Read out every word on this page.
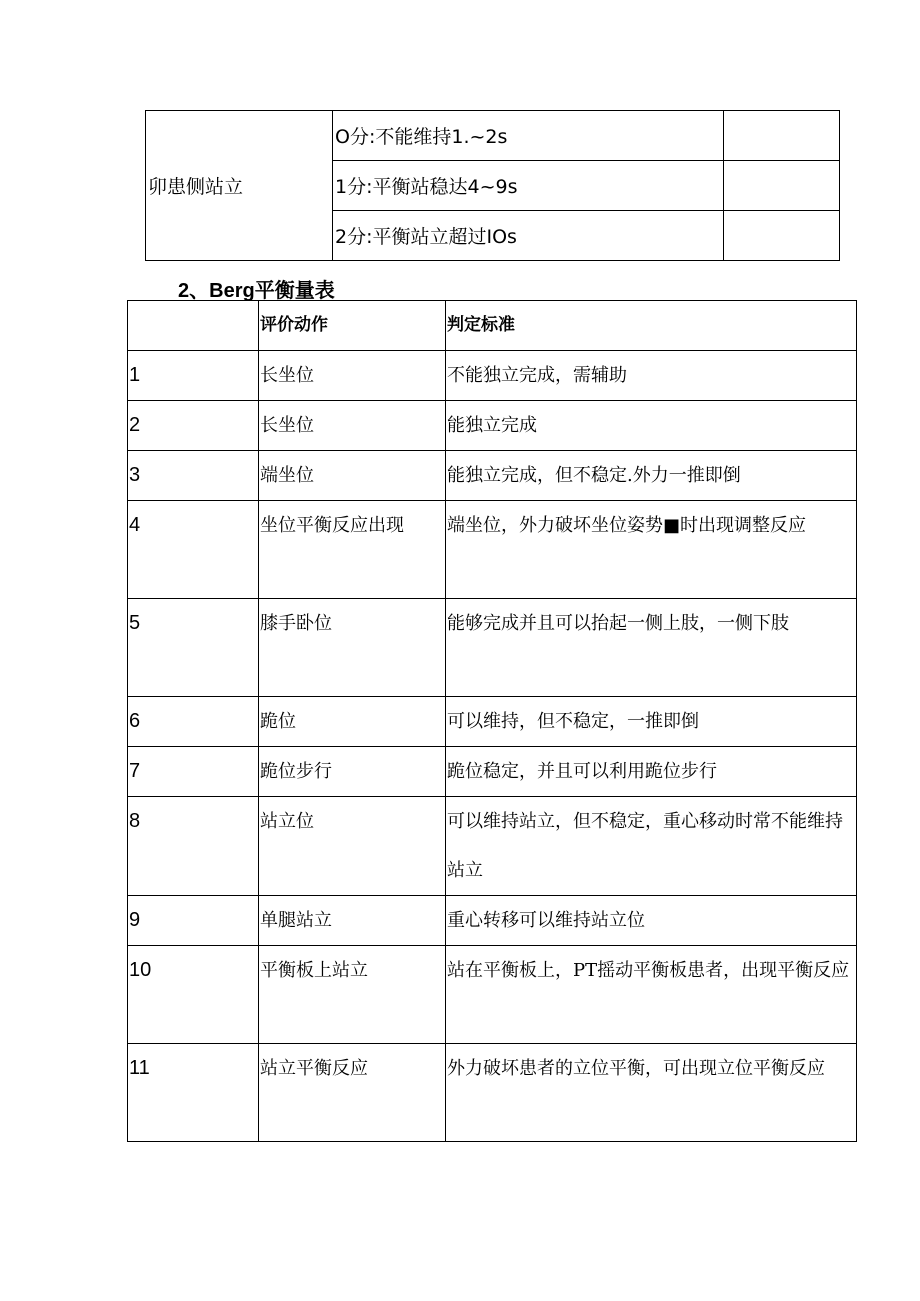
卯患侧站立	O分:不能维持1.~2s	
	1分:平衡站稳达4~9s	
	2分:平衡站立超过IOs	
2、Berg平衡量表
	评价动作	判定标准
1	长坐位	不能独立完成，需辅助
2	长坐位	能独立完成
3	端坐位	能独立完成，但不稳定.外力一推即倒
4	坐位平衡反应出现	端坐位，外力破坏坐位姿势■时出现调整反应
5	膝手卧位	能够完成并且可以抬起一侧上肢，一侧下肢
6	跪位	可以维持，但不稳定，一推即倒
7	跪位步行	跪位稳定，并且可以利用跪位步行
8	站立位	可以维持站立，但不稳定，重心移动时常不能维持站立
9	单腿站立	重心转移可以维持站立位
10	平衡板上站立	站在平衡板上，PT摇动平衡板患者，出现平衡反应
11	站立平衡反应	外力破坏患者的立位平衡，可出现立位平衡反应
